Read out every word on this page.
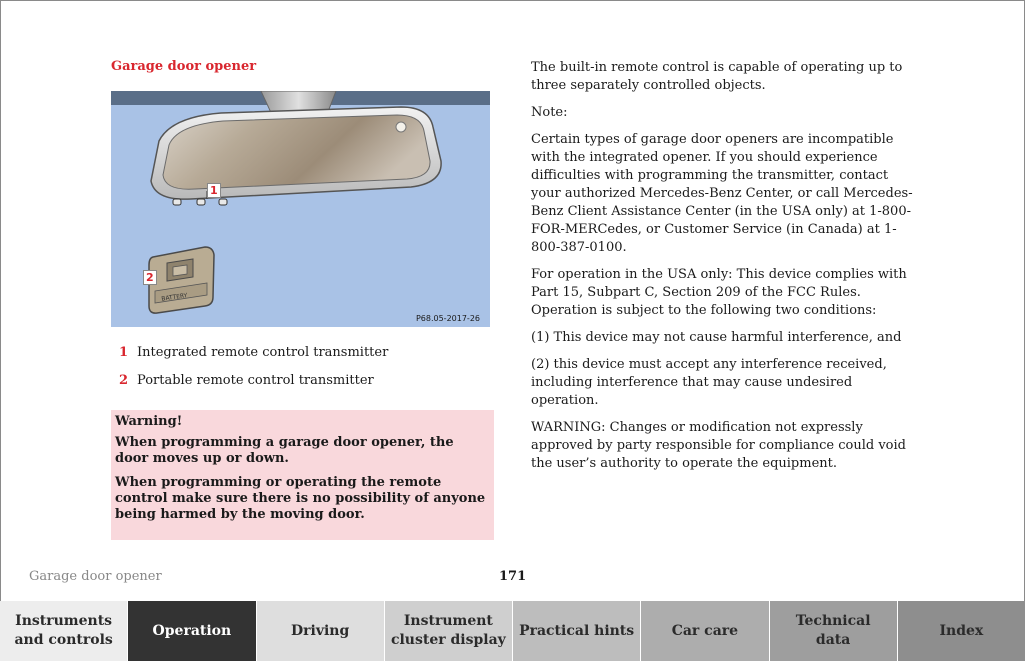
Garage door opener
BATTERY
1
2
P68.05-2017-26
1 Integrated remote control transmitter
2 Portable remote control transmitter
Warning!
When programming a garage door opener, the door moves up or down.
When programming or operating the remote control make sure there is no possibility of anyone being harmed by the moving door.

The built-in remote control is capable of operating up to three separately controlled objects.

Note:

Certain types of garage door openers are incompatible with the integrated opener. If you should experience difficulties with programming the transmitter, contact your authorized Mercedes-Benz Center, or call Mercedes-Benz Client Assistance Center (in the USA only) at 1-800-FOR-MERCedes, or Customer Service (in Canada) at 1-800-387-0100.

For operation in the USA only: This device complies with Part 15, Subpart C, Section 209 of the FCC Rules. Operation is subject to the following two conditions:

(1) This device may not cause harmful interference, and

(2) this device must accept any interference received, including interference that may cause undesired operation.

WARNING: Changes or modification not expressly approved by party responsible for compliance could void the user’s authority to operate the equipment.

Garage door opener	171
Instruments
and controls
Operation	Driving
Instrument
cluster display
Practical hints	Car care
Technical
data
Index
